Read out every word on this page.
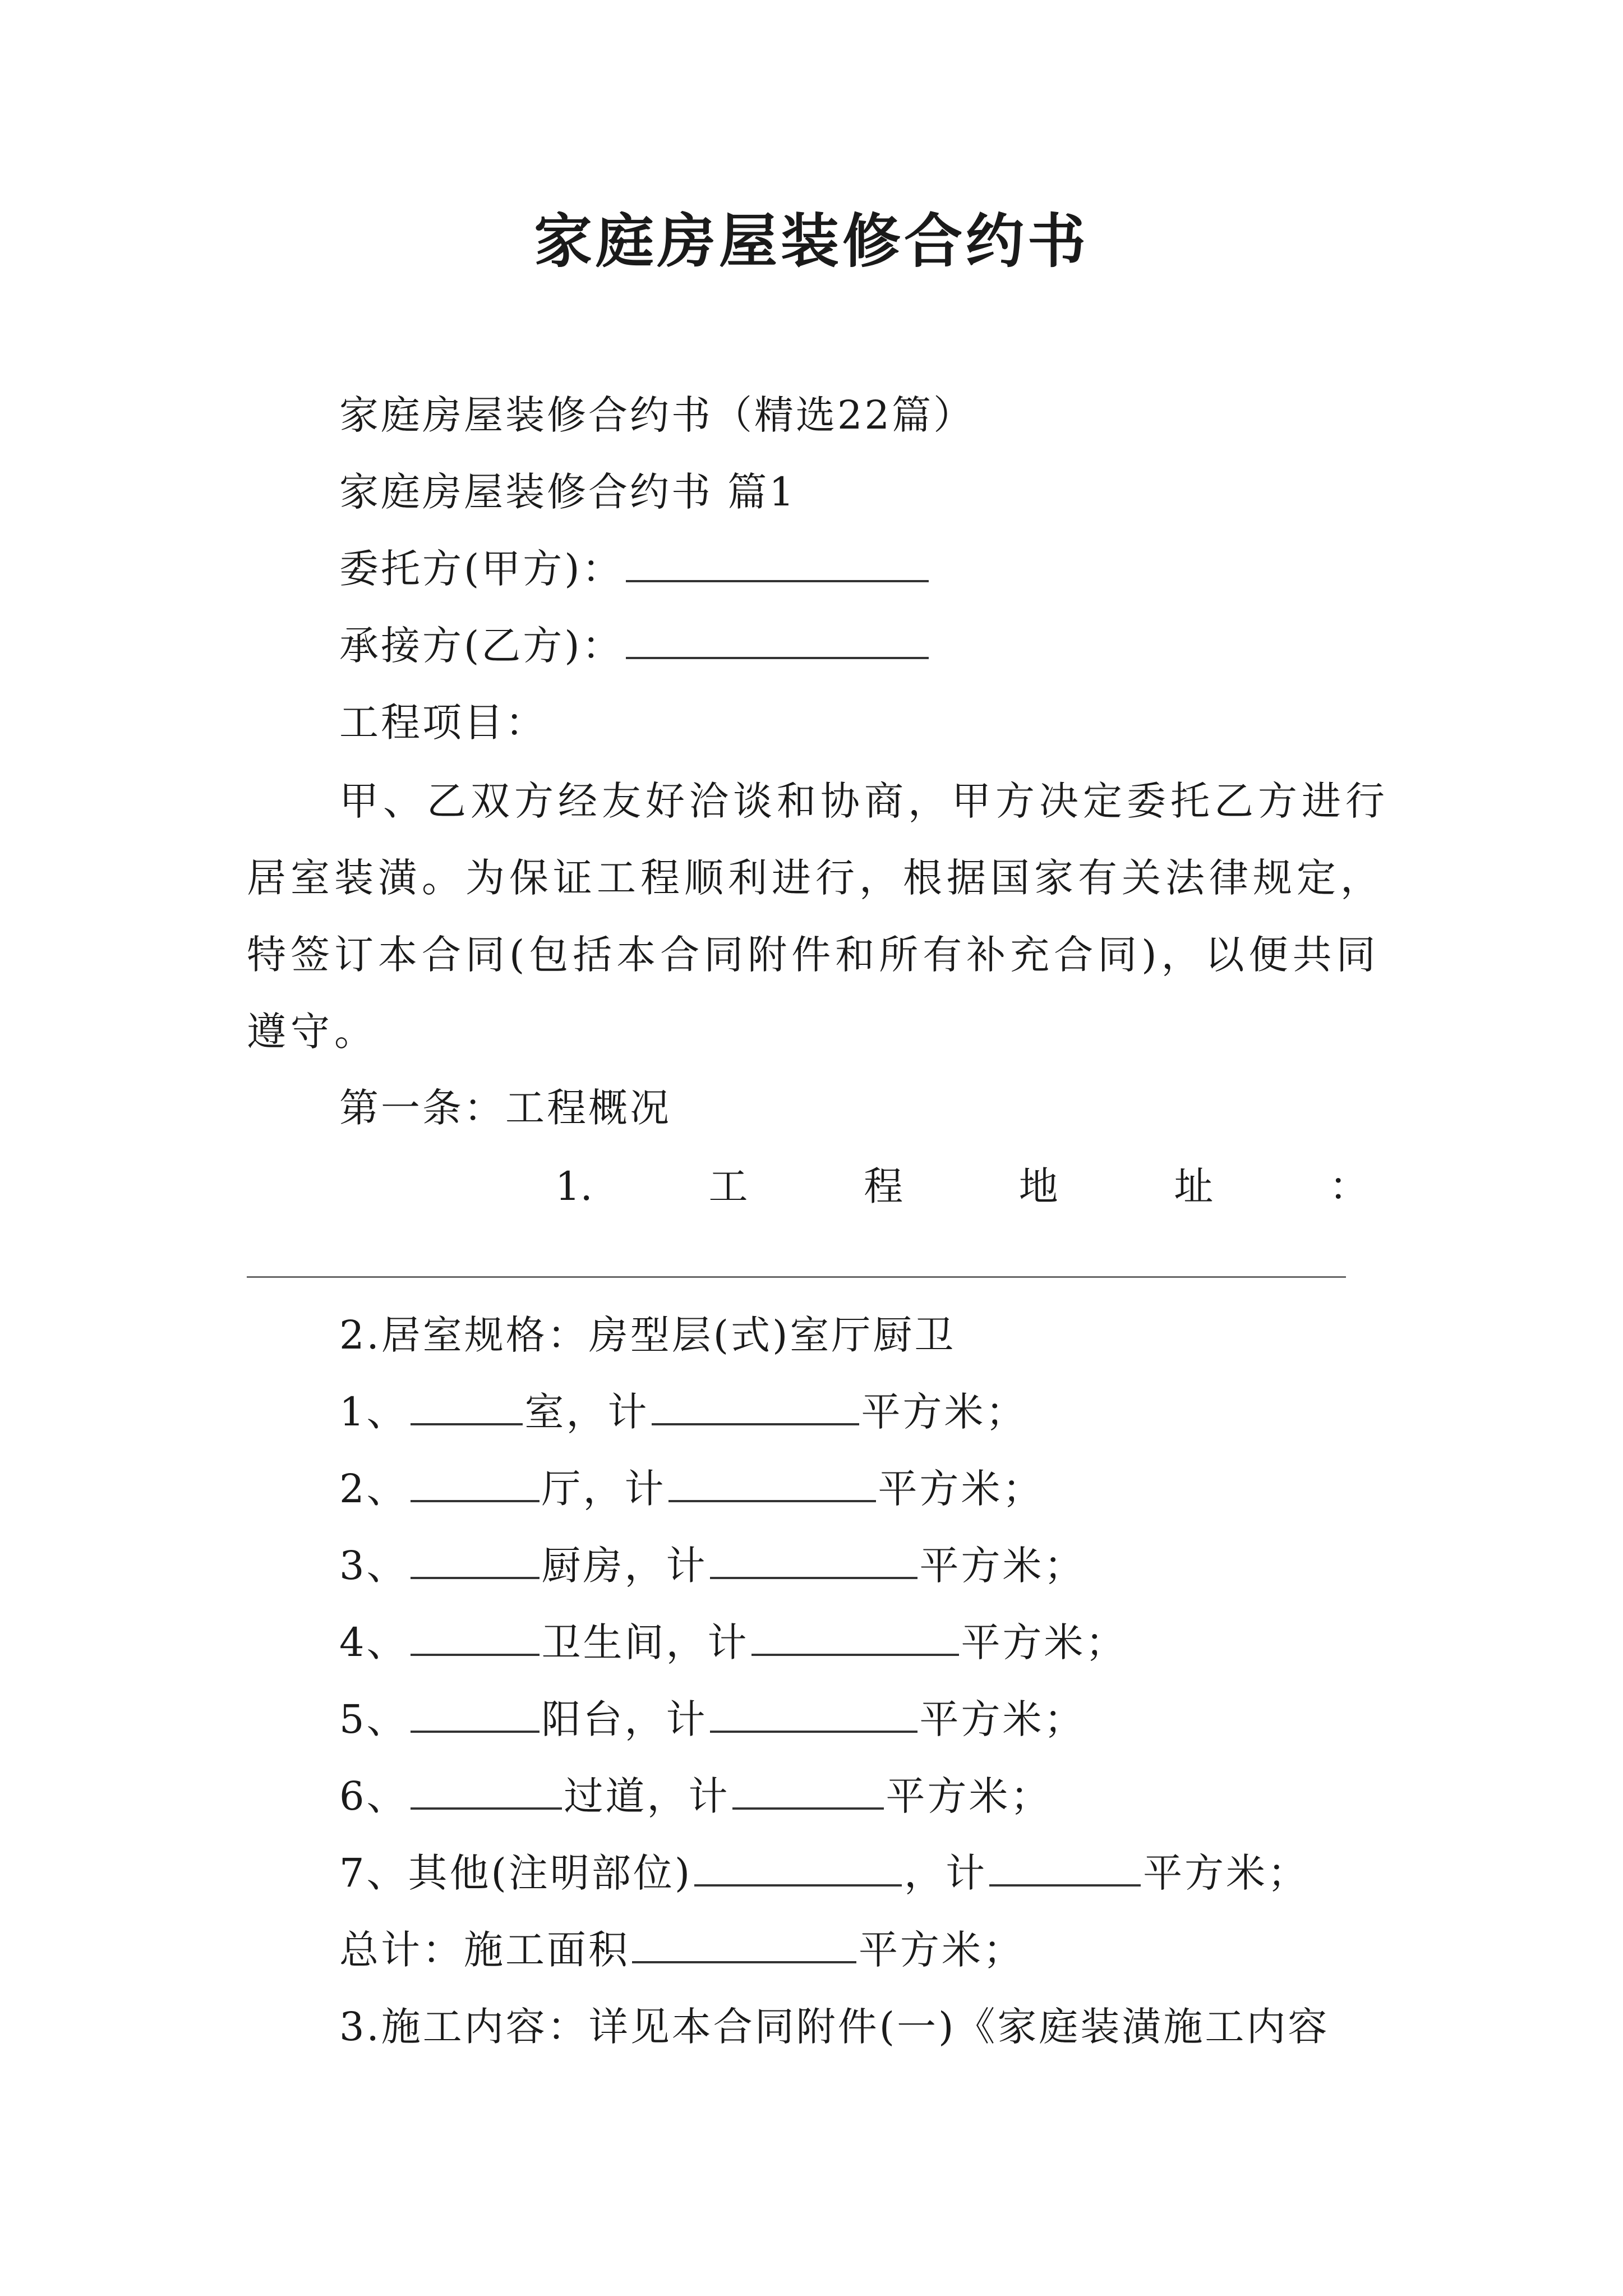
家庭房屋装修合约书
家庭房屋装修合约书（精选22篇）
家庭房屋装修合约书 篇1
委托方(甲方)：
承接方(乙方)：
工程项目：
甲、乙双方经友好洽谈和协商，甲方决定委托乙方进行居室装潢。为保证工程顺利进行，根据国家有关法律规定，特签订本合同(包括本合同附件和所有补充合同)，以便共同遵守。
第一条：工程概况
1.	工	程	地	址	：
2.居室规格：房型层(式)室厅厨卫
1、	室，计	平方米；
2、	厅，计	平方米；
3、	厨房，计	平方米；
4、	卫生间，计	平方米；
5、	阳台，计	平方米；
6、	过道，计	平方米；
7、其他(注明部位)	，计	平方米；
总计：施工面积	平方米；
3.施工内容：详见本合同附件(一)《家庭装潢施工内容
